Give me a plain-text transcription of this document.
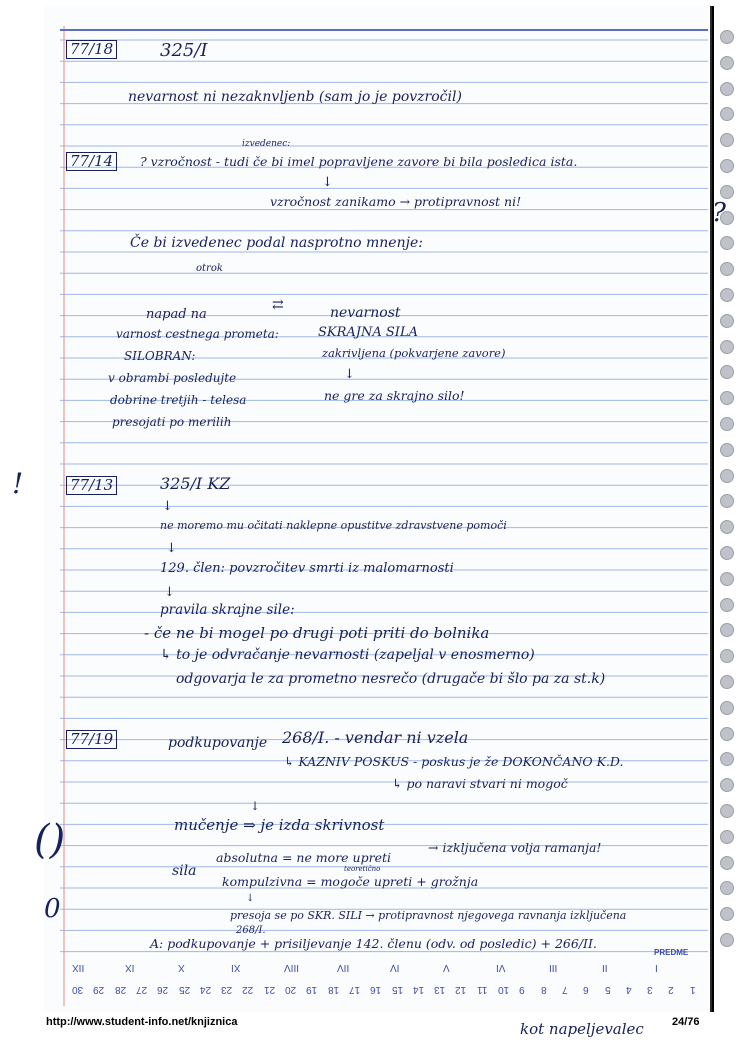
!
?
()
0
77/18	325/I
nevarnost ni nezaknvljenb (sam jo je povzročil)
77/14
izvedenec:
? vzročnost - tudi če bi imel popravljene zavore bi bila posledica ista.
↓
vzročnost zanikamo → protipravnost ni!
Če bi izvedenec podal nasprotno mnenje:
otrok
napad na
varnost cestnega prometa:
SILOBRAN:
v obrambi posledujte
dobrine tretjih - telesa
presojati po merilih
⇄	nevarnost
SKRAJNA SILA
zakrivljena (pokvarjene zavore)
↓
ne gre za skrajno silo!
77/13	325/I KZ
↓
ne moremo mu očitati naklepne opustitve zdravstvene pomoči
↓
129. člen: povzročitev smrti iz malomarnosti
↓
pravila skrajne sile:
- če ne bi mogel po drugi poti priti do bolnika
↳ to je odvračanje nevarnosti (zapeljal v enosmerno)
odgovarja le za prometno nesrečo (drugače bi šlo pa za st.k)
77/19	podkupovanje 268/I. - vendar ni vzela
↳ KAZNIV POSKUS - poskus je že DOKONČANO K.D.
↳ po naravi stvari ni mogoč
↓
mučenje ⇒ je izda skrivnost
sila
absolutna = ne more upreti
→ izključena volja ramanja!
kompulzivna = mogoče upreti + grožnja
teoretično
↓
presoja se po SKR. SILI → protipravnost njegovega ravnanja izključena
268/I.
A: podkupovanje + prisiljevanje 142. členu (odv. od posledic) + 266/II.
kot napeljevalec
XII	XI	X	IX	VIII	VII	VI	V	IV	III	II	I
30 29 28 27 26 25 24 23 22 21 20 19 18 17 16 15 14 13 12 11 10 9 8 7 6 5 4 3 2 1
PREDME
http://www.student-info.net/knjiznica	24/76
